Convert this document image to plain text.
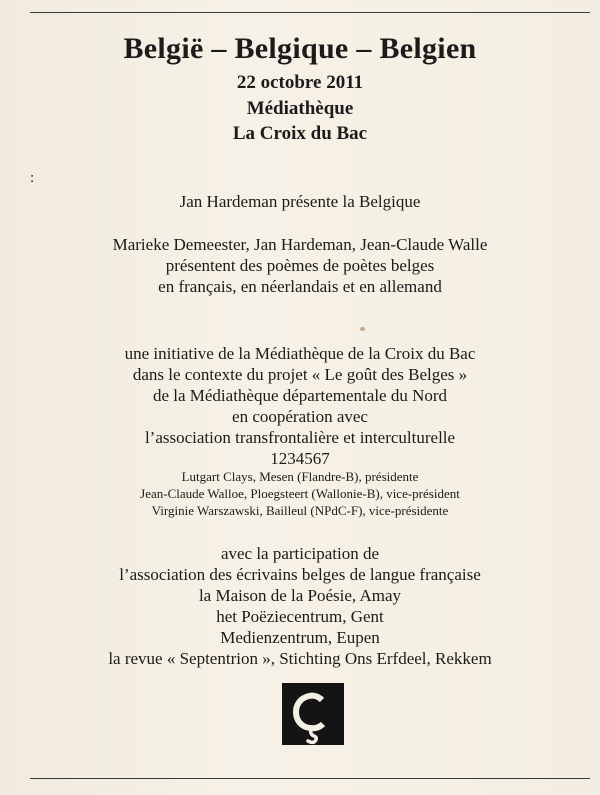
België – Belgique – Belgien
22 octobre 2011
Médiathèque
La Croix du Bac
:
Jan Hardeman présente la Belgique
Marieke Demeester, Jan Hardeman, Jean-Claude Walle
présentent des poèmes de poètes belges
en français, en néerlandais et en allemand
une initiative de la Médiathèque de la Croix du Bac
dans le contexte du projet « Le goût des Belges »
de la Médiathèque départementale du Nord
en coopération avec
l’association transfrontalière et interculturelle
1234567
Lutgart Clays, Mesen (Flandre-B), présidente
Jean-Claude Walloe, Ploegsteert (Wallonie-B), vice-président
Virginie Warszawski, Bailleul (NPdC-F), vice-présidente
avec la participation de
l’association des écrivains belges de langue française
la Maison de la Poésie, Amay
het Poëziecentrum, Gent
Medienzentrum, Eupen
la revue « Septentrion », Stichting Ons Erfdeel, Rekkem
